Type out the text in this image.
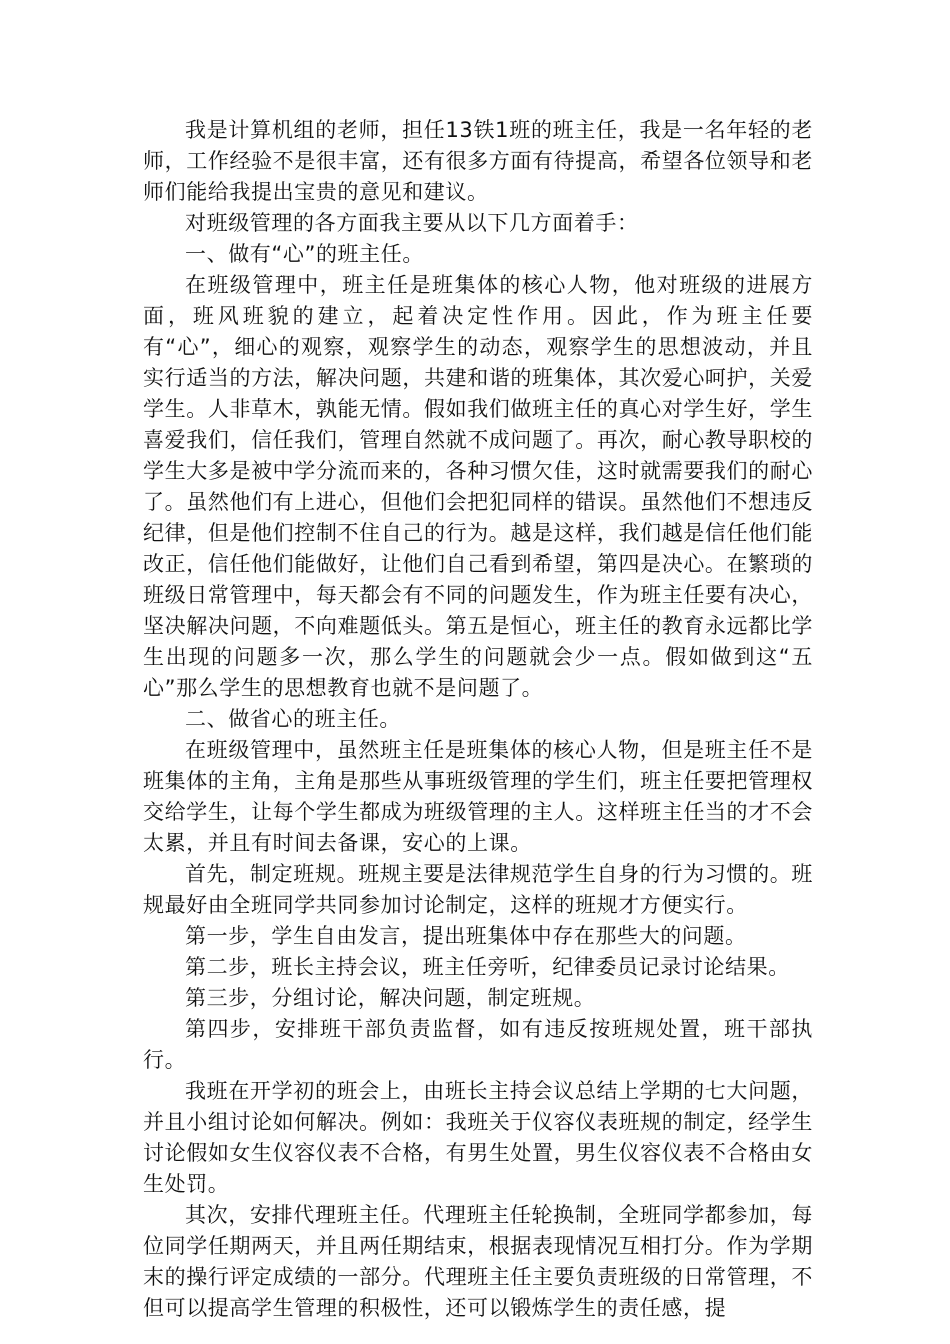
我是计算机组的老师，担任13铁1班的班主任，我是一名年轻的老师，工作经验不是很丰富，还有很多方面有待提高，希望各位领导和老师们能给我提出宝贵的意见和建议。

对班级管理的各方面我主要从以下几方面着手：

一、做有“心”的班主任。

在班级管理中，班主任是班集体的核心人物，他对班级的进展方面，班风班貌的建立，起着决定性作用。因此，作为班主任要有“心”，细心的观察，观察学生的动态，观察学生的思想波动，并且实行适当的方法，解决问题，共建和谐的班集体，其次爱心呵护，关爱学生。人非草木，孰能无情。假如我们做班主任的真心对学生好，学生喜爱我们，信任我们，管理自然就不成问题了。再次，耐心教导职校的学生大多是被中学分流而来的，各种习惯欠佳，这时就需要我们的耐心了。虽然他们有上进心，但他们会把犯同样的错误。虽然他们不想违反纪律，但是他们控制不住自己的行为。越是这样，我们越是信任他们能改正，信任他们能做好，让他们自己看到希望，第四是决心。在繁琐的班级日常管理中，每天都会有不同的问题发生，作为班主任要有决心，坚决解决问题，不向难题低头。第五是恒心，班主任的教育永远都比学生出现的问题多一次，那么学生的问题就会少一点。假如做到这“五心”那么学生的思想教育也就不是问题了。

二、做省心的班主任。

在班级管理中，虽然班主任是班集体的核心人物，但是班主任不是班集体的主角，主角是那些从事班级管理的学生们，班主任要把管理权交给学生，让每个学生都成为班级管理的主人。这样班主任当的才不会太累，并且有时间去备课，安心的上课。

首先，制定班规。班规主要是法律规范学生自身的行为习惯的。班规最好由全班同学共同参加讨论制定，这样的班规才方便实行。

第一步，学生自由发言，提出班集体中存在那些大的问题。

第二步，班长主持会议，班主任旁听，纪律委员记录讨论结果。

第三步，分组讨论，解决问题，制定班规。

第四步，安排班干部负责监督，如有违反按班规处置，班干部执行。

我班在开学初的班会上，由班长主持会议总结上学期的七大问题，并且小组讨论如何解决。例如：我班关于仪容仪表班规的制定，经学生讨论假如女生仪容仪表不合格，有男生处置，男生仪容仪表不合格由女生处罚。

其次，安排代理班主任。代理班主任轮换制，全班同学都参加，每位同学任期两天，并且两任期结束，根据表现情况互相打分。作为学期末的操行评定成绩的一部分。代理班主任主要负责班级的日常管理，不但可以提高学生管理的积极性，还可以锻炼学生的责任感，提
